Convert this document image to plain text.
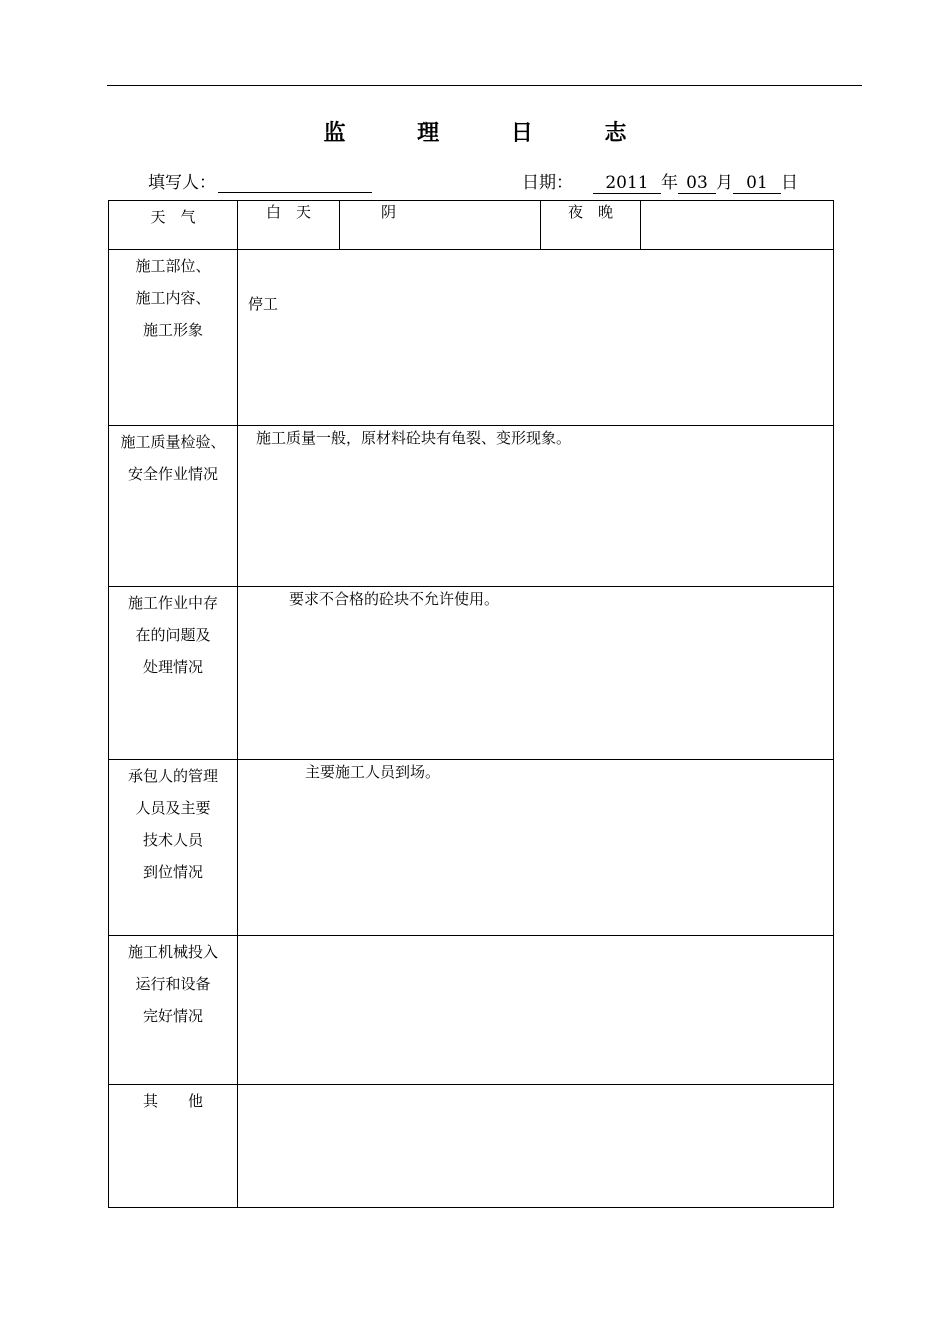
监 理 日 志
填写人：	日期： 2011 年 03 月 01 日
天　气	白　天	阴	夜　晚	

施工部位、
施工内容、
施工形象	停工			

施工质量检验、
安全作业情况	施工质量一般，原材料砼块有龟裂、变形现象。			

施工作业中存
在的问题及
处理情况	要求不合格的砼块不允许使用。			

承包人的管理
人员及主要
技术人员
到位情况	主要施工人员到场。			

施工机械投入
运行和设备
完好情况				

其　　他				
